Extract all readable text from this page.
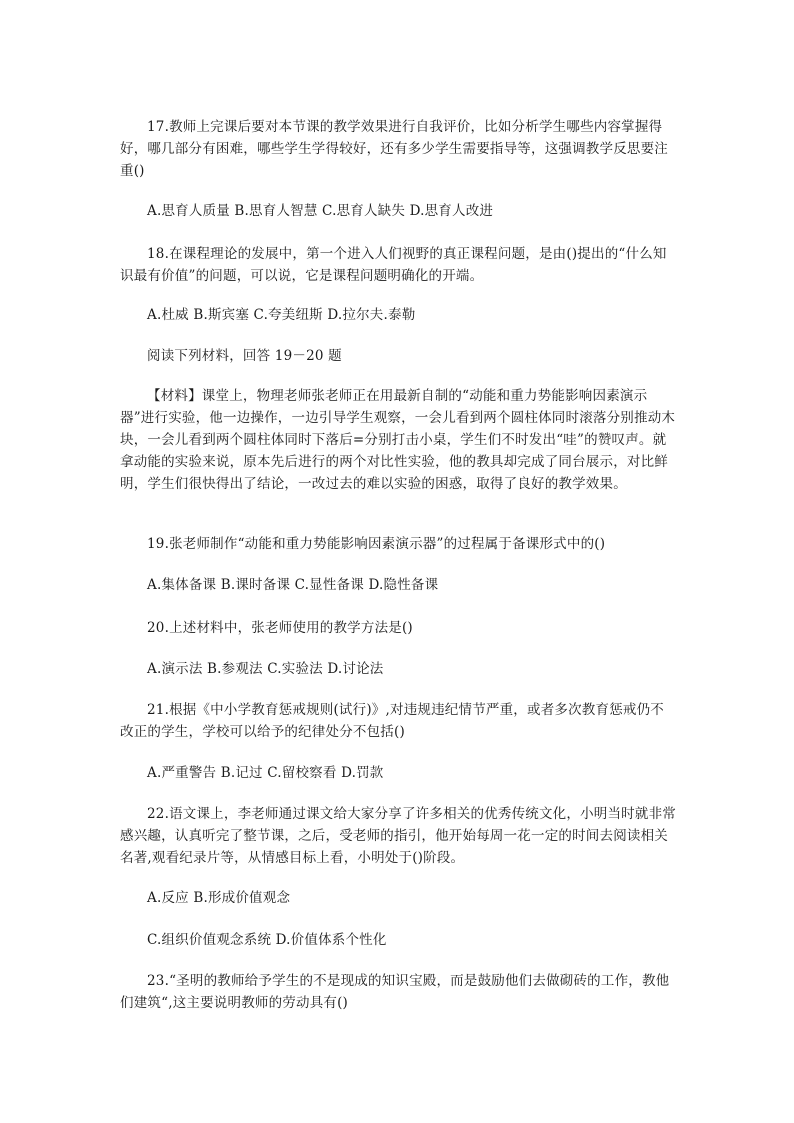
17.教师上完课后要对本节课的教学效果进行自我评价，比如分析学生哪些内容掌握得好，哪几部分有困难，哪些学生学得较好，还有多少学生需要指导等，这强调教学反思要注重()

A.思育人质量 B.思育人智慧 C.思育人缺失 D.思育人改进

18.在课程理论的发展中，第一个进入人们视野的真正课程问题，是由()提出的“什么知识最有价值”的问题，可以说，它是课程问题明确化的开端。

A.杜威 B.斯宾塞 C.夸美纽斯 D.拉尔夫.泰勒

阅读下列材料，回答 19－20 题

【材料】课堂上，物理老师张老师正在用最新自制的“动能和重力势能影响因素演示器”进行实验，他一边操作，一边引导学生观察，一会儿看到两个圆柱体同时滚落分别推动木块，一会儿看到两个圆柱体同时下落后=分别打击小桌，学生们不时发出“哇”的赞叹声。就拿动能的实验来说，原本先后进行的两个对比性实验，他的教具却完成了同台展示，对比鲜明，学生们很快得出了结论，一改过去的难以实验的困惑，取得了良好的教学效果。

19.张老师制作“动能和重力势能影响因素演示器”的过程属于备课形式中的()

A.集体备课 B.课时备课 C.显性备课 D.隐性备课

20.上述材料中，张老师使用的教学方法是()

A.演示法 B.参观法 C.实验法 D.讨论法

21.根据《中小学教育惩戒规则(试行)》,对违规违纪情节严重，或者多次教育惩戒仍不改正的学生，学校可以给予的纪律处分不包括()

A.严重警告 B.记过 C.留校察看 D.罚款

22.语文课上，李老师通过课文给大家分享了许多相关的优秀传统文化，小明当时就非常感兴趣，认真听完了整节课，之后，受老师的指引，他开始每周一花一定的时间去阅读相关名著,观看纪录片等，从情感目标上看，小明处于()阶段。

A.反应 B.形成价值观念

C.组织价值观念系统 D.价值体系个性化

23.“圣明的教师给予学生的不是现成的知识宝殿，而是鼓励他们去做砌砖的工作，教他们建筑“,这主要说明教师的劳动具有()
